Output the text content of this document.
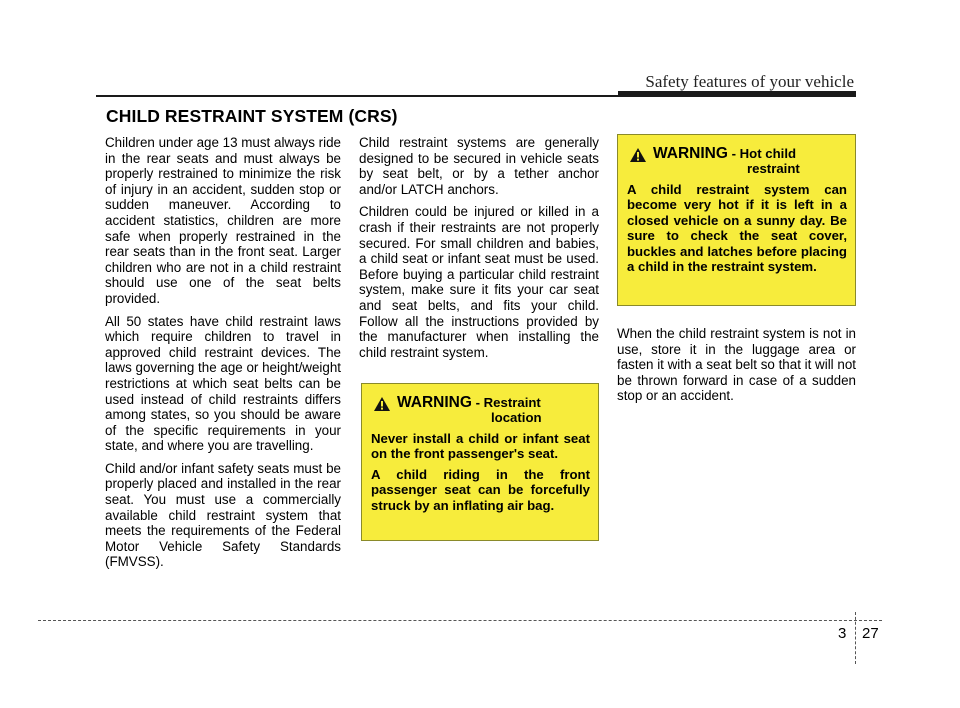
Safety features of your vehicle
CHILD RESTRAINT SYSTEM (CRS)

Children under age 13 must always ride in the rear seats and must always be properly restrained to minimize the risk of injury in an accident, sudden stop or sudden maneuver. According to accident statistics, children are more safe when properly restrained in the rear seats than in the front seat. Larger children who are not in a child restraint should use one of the seat belts provided.

All 50 states have child restraint laws which require children to travel in approved child restraint devices. The laws governing the age or height/weight restrictions at which seat belts can be used instead of child restraints differs among states, so you should be aware of the specific requirements in your state, and where you are travelling.

Child and/or infant safety seats must be properly placed and installed in the rear seat. You must use a commercially available child restraint system that meets the requirements of the Federal Motor Vehicle Safety Standards (FMVSS).

Child restraint systems are generally designed to be secured in vehicle seats by seat belt, or by a tether anchor and/or LATCH anchors.

Children could be injured or killed in a crash if their restraints are not properly secured. For small children and babies, a child seat or infant seat must be used. Before buying a particular child restraint system, make sure it fits your car seat and seat belts, and fits your child. Follow all the instructions provided by the manufacturer when installing the child restraint system.

WARNING - Restraint
location

Never install a child or infant seat on the front passenger's seat.

A child riding in the front passenger seat can be forcefully struck by an inflating air bag.

WARNING - Hot child
restraint

A child restraint system can become very hot if it is left in a closed vehicle on a sunny day. Be sure to check the seat cover, buckles and latches before placing a child in the restraint system.

When the child restraint system is not in use, store it in the luggage area or fasten it with a seat belt so that it will not be thrown forward in case of a sudden stop or an accident.

3 27
